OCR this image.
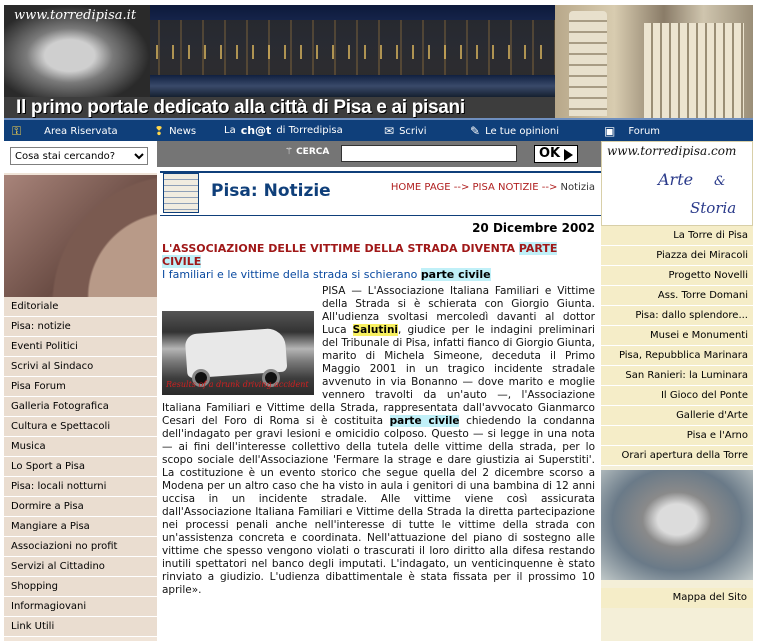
www.torredipisa.it
Il primo portale dedicato alla città di Pisa e ai pisani
⚿ Area Riservata	❢ News	La ch@t di Torredipisa	✉ Scrivi	✎ Le tue opinioni	▣ Forum
Cosa stai cercando?
Editoriale
Pisa: notizie
Eventi Politici
Scrivi al Sindaco
Pisa Forum
Galleria Fotografica
Cultura e Spettacoli
Musica
Lo Sport a Pisa
Pisa: locali notturni
Dormire a Pisa
Mangiare a Pisa
Associazioni no profit
Servizi al Cittadino
Shopping
Informagiovani
Link Utili
⚚ CERCA	OK
Pisa: Notizie	HOME PAGE --> PISA NOTIZIE --> Notizia
20 Dicembre 2002
L'ASSOCIAZIONE DELLE VITTIME DELLA STRADA DIVENTA PARTE CIVILE
I familiari e le vittime della strada si schierano parte civile
Results of a drunk driving accident
PISA — L'Associazione Italiana Familiari e Vittime della Strada si è schierata con Giorgio Giunta. All'udienza svoltasi mercoledì davanti al dottor Luca Salutini, giudice per le indagini preliminari del Tribunale di Pisa, infatti fianco di Giorgio Giunta, marito di Michela Simeone, deceduta il Primo Maggio 2001 in un tragico incidente stradale avvenuto in via Bonanno — dove marito e moglie vennero travolti da un'auto —, l'Associazione Italiana Familiari e Vittime della Strada, rappresentata dall'avvocato Gianmarco Cesari del Foro di Roma si è costituita parte civile chiedendo la condanna dell'indagato per gravi lesioni e omicidio colposo. Questo — si legge in una nota — ai fini dell'interesse collettivo della tutela delle vittime della strada, per lo scopo sociale dell'Associazione 'Fermare la strage e dare giustizia ai Superstiti'. La costituzione è un evento storico che segue quella del 2 dicembre scorso a Modena per un altro caso che ha visto in aula i genitori di una bambina di 12 anni uccisa in un incidente stradale. Alle vittime viene così assicurata dall'Associazione Italiana Familiari e Vittime della Strada la diretta partecipazione nei processi penali anche nell'interesse di tutte le vittime della strada con un'assistenza concreta e coordinata. Nell'attuazione del piano di sostegno alle vittime che spesso vengono violati o trascurati il loro diritto alla difesa restando inutili spettatori nel banco degli imputati. L'indagato, un venticinquenne è stato rinviato a giudizio. L'udienza dibattimentale è stata fissata per il prossimo 10 aprile».
www.torredipisa.com
Arte &
Storia
La Torre di Pisa
Piazza dei Miracoli
Progetto Novelli
Ass. Torre Domani
Pisa: dallo splendore...
Musei e Monumenti
Pisa, Repubblica Marinara
San Ranieri: la Luminara
Il Gioco del Ponte
Gallerie d'Arte
Pisa e l'Arno
Orari apertura della Torre
Mappa del Sito
